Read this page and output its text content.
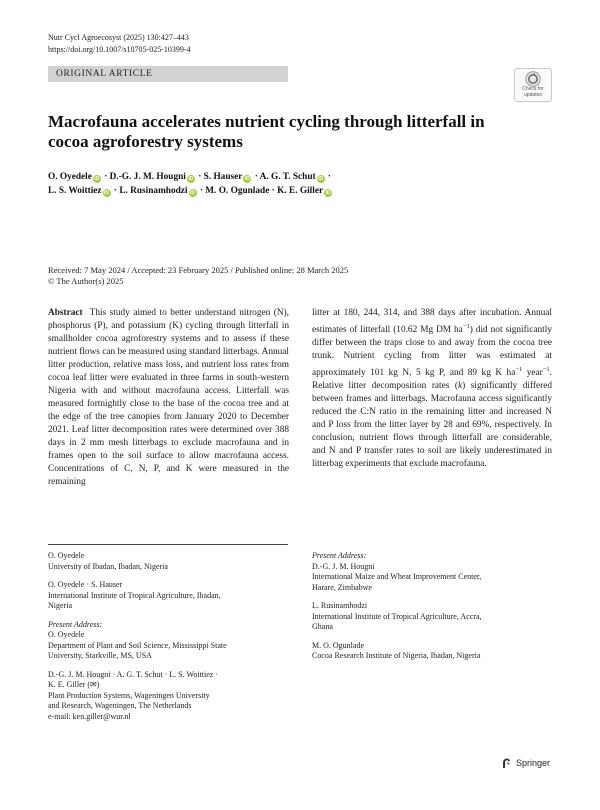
Nutr Cycl Agroecosyst (2025) 130:427–443
https://doi.org/10.1007/s10705-025-10399-4
ORIGINAL ARTICLE
Check for
updates
Macrofauna accelerates nutrient cycling through litterfall in cocoa agroforestry systems
O. Oyedele iD · D.-G. J. M. Hougni iD · S. Hauser iD · A. G. T. Schut iD ·
L. S. Woittiez iD · L. Rusinamhodzi iD · M. O. Ogunlade · K. E. Giller iD
Received: 7 May 2024 / Accepted: 23 February 2025 / Published online: 28 March 2025
© The Author(s) 2025
Abstract This study aimed to better understand nitrogen (N), phosphorus (P), and potassium (K) cycling through litterfall in smallholder cocoa agroforestry systems and to assess if these nutrient flows can be measured using standard litterbags. Annual litter production, relative mass loss, and nutrient loss rates from cocoa leaf litter were evaluated in three farms in south-western Nigeria with and without macrofauna access. Litterfall was measured fortnightly close to the base of the cocoa tree and at the edge of the tree canopies from January 2020 to December 2021. Leaf litter decomposition rates were determined over 388 days in 2 mm mesh litterbags to exclude macrofauna and in frames open to the soil surface to allow macrofauna access. Concentrations of C, N, P, and K were measured in the remaining
litter at 180, 244, 314, and 388 days after incubation. Annual estimates of litterfall (10.62 Mg DM $ha^{-1}$) did not significantly differ between the traps close to and away from the cocoa tree trunk. Nutrient cycling from litter was estimated at approximately 101 kg N, 5 kg P, and 89 kg K $ha^{-1}$ year$^{-1}$. Relative litter decomposition rates (k) significantly differed between frames and litterbags. Macrofauna access significantly reduced the C:N ratio in the remaining litter and increased N and P loss from the litter layer by 28 and 69%, respectively. In conclusion, nutrient flows through litterfall are considerable, and N and P transfer rates to soil are likely underestimated in litterbag experiments that exclude macrofauna.
O. Oyedele
University of Ibadan, Ibadan, Nigeria
O. Oyedele · S. Hauser
International Institute of Tropical Agriculture, Ibadan,
Nigeria
Present Address:
O. Oyedele
Department of Plant and Soil Science, Mississippi State
University, Starkville, MS, USA
D.-G. J. M. Hougni · A. G. T. Schut · L. S. Woittiez ·
K. E. Giller (✉)
Plant Production Systems, Wageningen University
and Research, Wageningen, The Netherlands
e-mail: ken.giller@wur.nl
Present Address:
D.-G. J. M. Hougni
International Maize and Wheat Improvement Center,
Harare, Zimbabwe
L. Rusinamhodzi
International Institute of Tropical Agriculture, Accra,
Ghana
M. O. Ogunlade
Cocoa Research Institute of Nigeria, Ibadan, Nigeria
Springer
